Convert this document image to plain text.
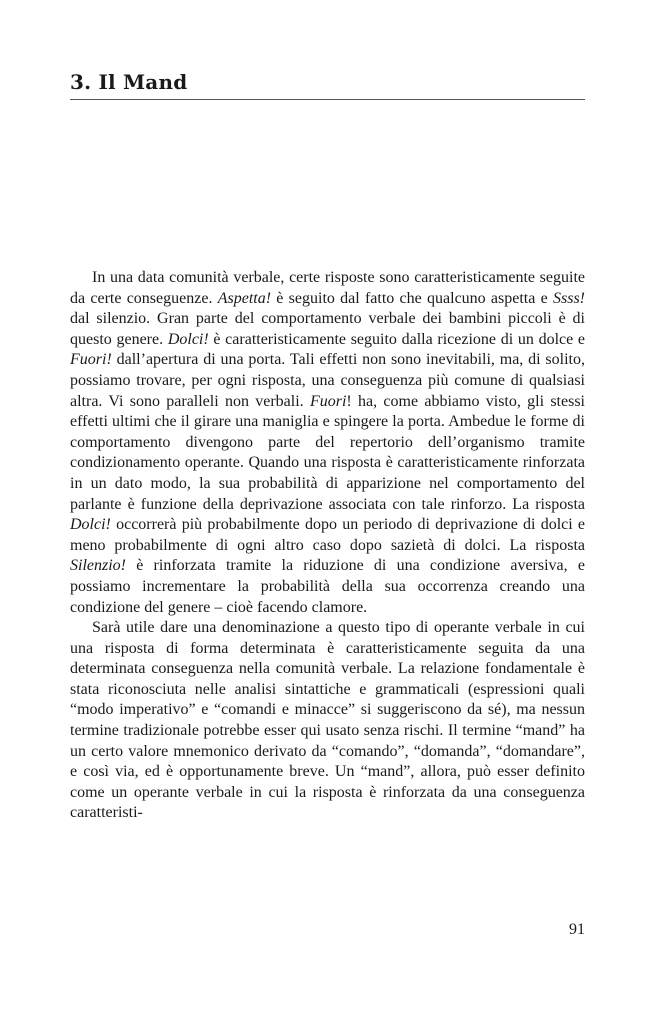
3. Il Mand

In una data comunità verbale, certe risposte sono caratteristicamente seguite da certe conseguenze. Aspetta! è seguito dal fatto che qualcuno aspetta e Ssss! dal silenzio. Gran parte del comportamento verbale dei bambini piccoli è di questo genere. Dolci! è caratteristicamente seguito dalla ricezione di un dolce e Fuori! dall’apertura di una porta. Tali effetti non sono inevitabili, ma, di solito, possiamo trovare, per ogni risposta, una conseguenza più comune di qualsiasi altra. Vi sono paralleli non verbali. Fuori! ha, come abbiamo visto, gli stessi effetti ultimi che il girare una maniglia e spingere la porta. Ambedue le forme di comportamento divengono parte del repertorio dell’organismo tramite condizionamento operante. Quando una risposta è caratteristicamente rinforzata in un dato modo, la sua probabilità di apparizione nel comportamento del parlante è funzione della deprivazione associata con tale rinforzo. La risposta Dolci! occorrerà più probabilmente dopo un periodo di deprivazione di dolci e meno probabilmente di ogni altro caso dopo sazietà di dolci. La risposta Silenzio! è rinforzata tramite la riduzione di una condizione aversiva, e possiamo incrementare la probabilità della sua occorrenza creando una condizione del genere – cioè facendo clamore.

Sarà utile dare una denominazione a questo tipo di operante verbale in cui una risposta di forma determinata è caratteristicamente seguita da una determinata conseguenza nella comunità verbale. La relazione fondamentale è stata riconosciuta nelle analisi sintattiche e grammaticali (espressioni quali “modo imperativo” e “comandi e minacce” si suggeriscono da sé), ma nessun termine tradizionale potrebbe esser qui usato senza rischi. Il termine “mand” ha un certo valore mnemonico derivato da “comando”, “domanda”, “domandare”, e così via, ed è opportunamente breve. Un “mand”, allora, può esser definito come un operante verbale in cui la risposta è rinforzata da una conseguenza caratteristi-

91
